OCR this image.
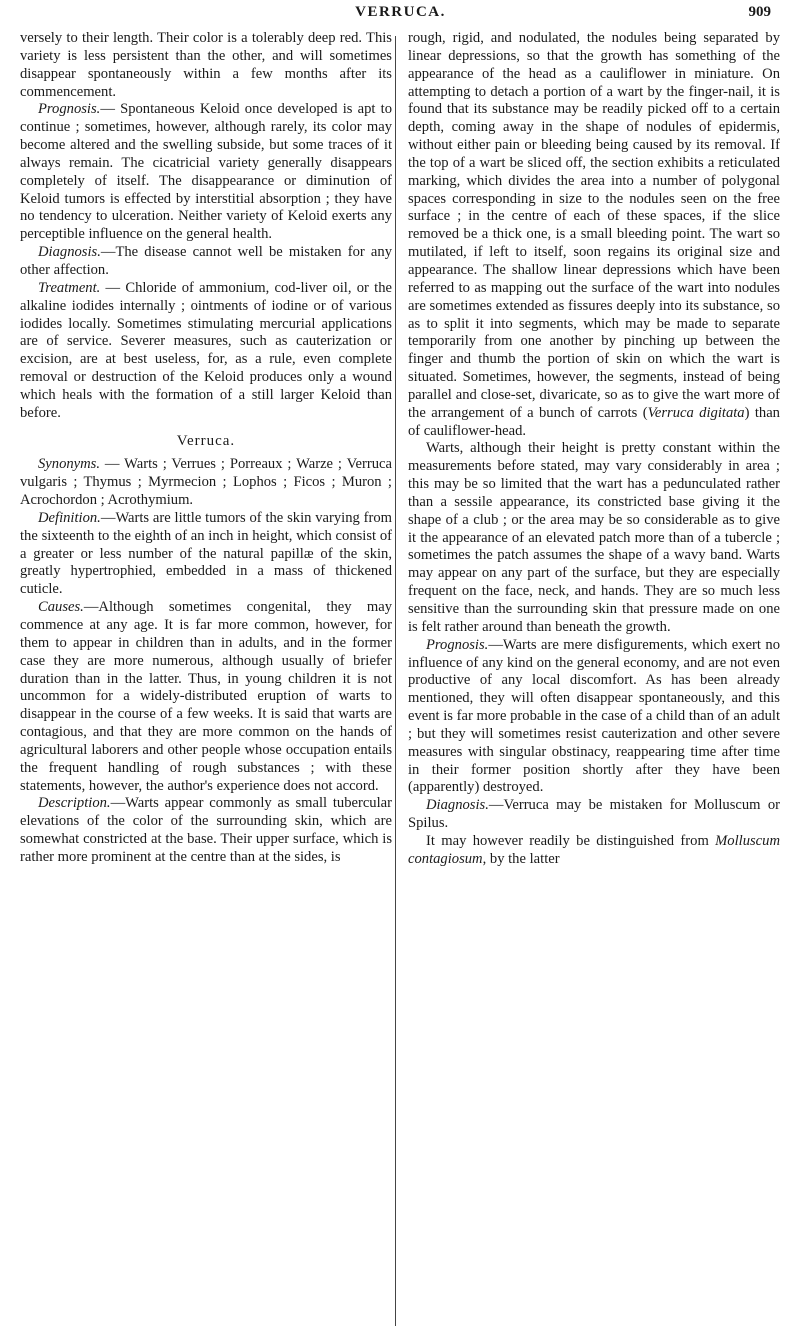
VERRUCA.	909

versely to their length. Their color is a tolerably deep red. This variety is less persistent than the other, and will sometimes disappear spontaneously within a few months after its commencement.

Prognosis.— Spontaneous Keloid once developed is apt to continue ; sometimes, however, although rarely, its color may become altered and the swelling subside, but some traces of it always remain. The cicatricial variety generally disappears completely of itself. The disappearance or diminution of Keloid tumors is effected by interstitial absorption ; they have no tendency to ulceration. Neither variety of Keloid exerts any perceptible influence on the general health.

Diagnosis.—The disease cannot well be mistaken for any other affection.

Treatment. — Chloride of ammonium, cod-liver oil, or the alkaline iodides internally ; ointments of iodine or of various iodides locally. Sometimes stimulating mercurial applications are of service. Severer measures, such as cauterization or excision, are at best useless, for, as a rule, even complete removal or destruction of the Keloid produces only a wound which heals with the formation of a still larger Keloid than before.

Verruca.

Synonyms. — Warts ; Verrues ; Porreaux ; Warze ; Verruca vulgaris ; Thymus ; Myrmecion ; Lophos ; Ficos ; Muron ; Acrochordon ; Acrothymium.

Definition.—Warts are little tumors of the skin varying from the sixteenth to the eighth of an inch in height, which consist of a greater or less number of the natural papillæ of the skin, greatly hypertrophied, embedded in a mass of thickened cuticle.

Causes.—Although sometimes congenital, they may commence at any age. It is far more common, however, for them to appear in children than in adults, and in the former case they are more numerous, although usually of briefer duration than in the latter. Thus, in young children it is not uncommon for a widely-distributed eruption of warts to disappear in the course of a few weeks. It is said that warts are contagious, and that they are more common on the hands of agricultural laborers and other people whose occupation entails the frequent handling of rough substances ; with these statements, however, the author's experience does not accord.

Description.—Warts appear commonly as small tubercular elevations of the color of the surrounding skin, which are somewhat constricted at the base. Their upper surface, which is rather more prominent at the centre than at the sides, is

rough, rigid, and nodulated, the nodules being separated by linear depressions, so that the growth has something of the appearance of the head as a cauliflower in miniature. On attempting to detach a portion of a wart by the finger-nail, it is found that its substance may be readily picked off to a certain depth, coming away in the shape of nodules of epidermis, without either pain or bleeding being caused by its removal. If the top of a wart be sliced off, the section exhibits a reticulated marking, which divides the area into a number of polygonal spaces corresponding in size to the nodules seen on the free surface ; in the centre of each of these spaces, if the slice removed be a thick one, is a small bleeding point. The wart so mutilated, if left to itself, soon regains its original size and appearance. The shallow linear depressions which have been referred to as mapping out the surface of the wart into nodules are sometimes extended as fissures deeply into its substance, so as to split it into segments, which may be made to separate temporarily from one another by pinching up between the finger and thumb the portion of skin on which the wart is situated. Sometimes, however, the segments, instead of being parallel and close-set, divaricate, so as to give the wart more of the arrangement of a bunch of carrots (Verruca digitata) than of cauliflower-head.

Warts, although their height is pretty constant within the measurements before stated, may vary considerably in area ; this may be so limited that the wart has a pedunculated rather than a sessile appearance, its constricted base giving it the shape of a club ; or the area may be so considerable as to give it the appearance of an elevated patch more than of a tubercle ; sometimes the patch assumes the shape of a wavy band. Warts may appear on any part of the surface, but they are especially frequent on the face, neck, and hands. They are so much less sensitive than the surrounding skin that pressure made on one is felt rather around than beneath the growth.

Prognosis.—Warts are mere disfigurements, which exert no influence of any kind on the general economy, and are not even productive of any local discomfort. As has been already mentioned, they will often disappear spontaneously, and this event is far more probable in the case of a child than of an adult ; but they will sometimes resist cauterization and other severe measures with singular obstinacy, reappearing time after time in their former position shortly after they have been (apparently) destroyed.

Diagnosis.—Verruca may be mistaken for Molluscum or Spilus.

It may however readily be distinguished from Molluscum contagiosum, by the latter
